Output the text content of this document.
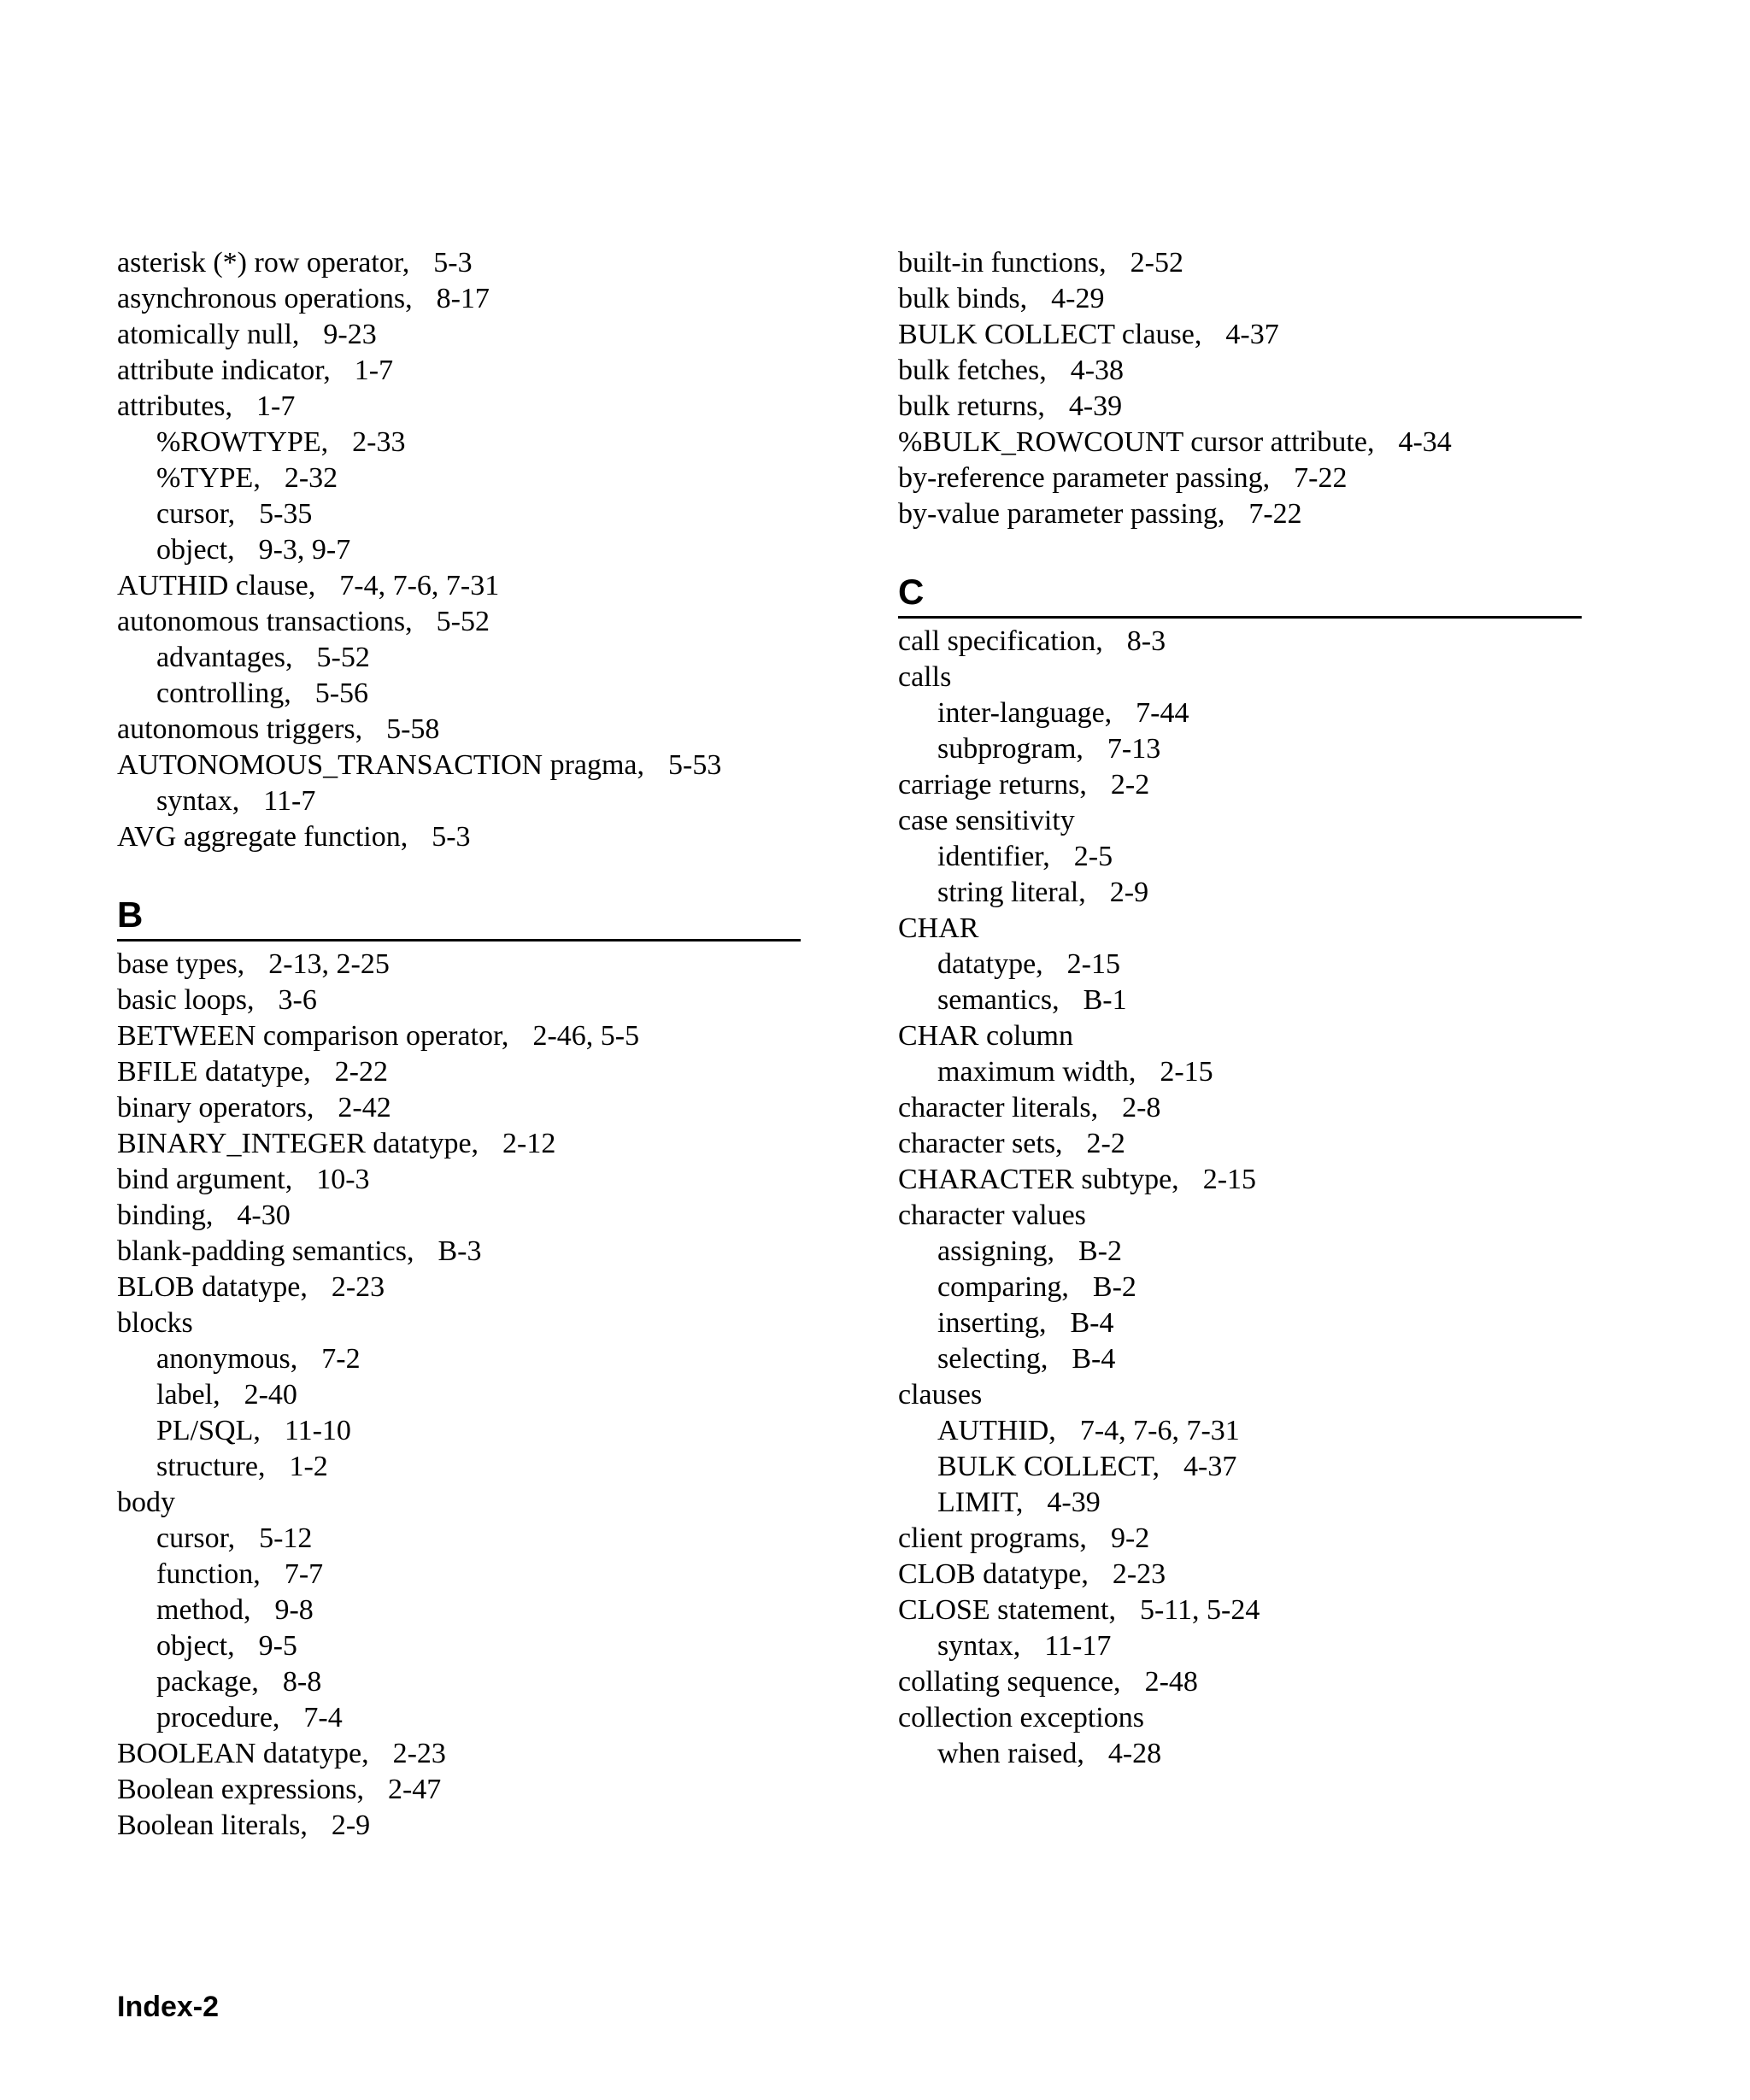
asterisk (*) row operator, 5-3
asynchronous operations, 8-17
atomically null, 9-23
attribute indicator, 1-7
attributes, 1-7
%ROWTYPE, 2-33
%TYPE, 2-32
cursor, 5-35
object, 9-3, 9-7
AUTHID clause, 7-4, 7-6, 7-31
autonomous transactions, 5-52
advantages, 5-52
controlling, 5-56
autonomous triggers, 5-58
AUTONOMOUS_TRANSACTION pragma, 5-53
syntax, 11-7
AVG aggregate function, 5-3
B
base types, 2-13, 2-25
basic loops, 3-6
BETWEEN comparison operator, 2-46, 5-5
BFILE datatype, 2-22
binary operators, 2-42
BINARY_INTEGER datatype, 2-12
bind argument, 10-3
binding, 4-30
blank-padding semantics, B-3
BLOB datatype, 2-23
blocks
anonymous, 7-2
label, 2-40
PL/SQL, 11-10
structure, 1-2
body
cursor, 5-12
function, 7-7
method, 9-8
object, 9-5
package, 8-8
procedure, 7-4
BOOLEAN datatype, 2-23
Boolean expressions, 2-47
Boolean literals, 2-9
built-in functions, 2-52
bulk binds, 4-29
BULK COLLECT clause, 4-37
bulk fetches, 4-38
bulk returns, 4-39
%BULK_ROWCOUNT cursor attribute, 4-34
by-reference parameter passing, 7-22
by-value parameter passing, 7-22
C
call specification, 8-3
calls
inter-language, 7-44
subprogram, 7-13
carriage returns, 2-2
case sensitivity
identifier, 2-5
string literal, 2-9
CHAR
datatype, 2-15
semantics, B-1
CHAR column
maximum width, 2-15
character literals, 2-8
character sets, 2-2
CHARACTER subtype, 2-15
character values
assigning, B-2
comparing, B-2
inserting, B-4
selecting, B-4
clauses
AUTHID, 7-4, 7-6, 7-31
BULK COLLECT, 4-37
LIMIT, 4-39
client programs, 9-2
CLOB datatype, 2-23
CLOSE statement, 5-11, 5-24
syntax, 11-17
collating sequence, 2-48
collection exceptions
when raised, 4-28
Index-2
